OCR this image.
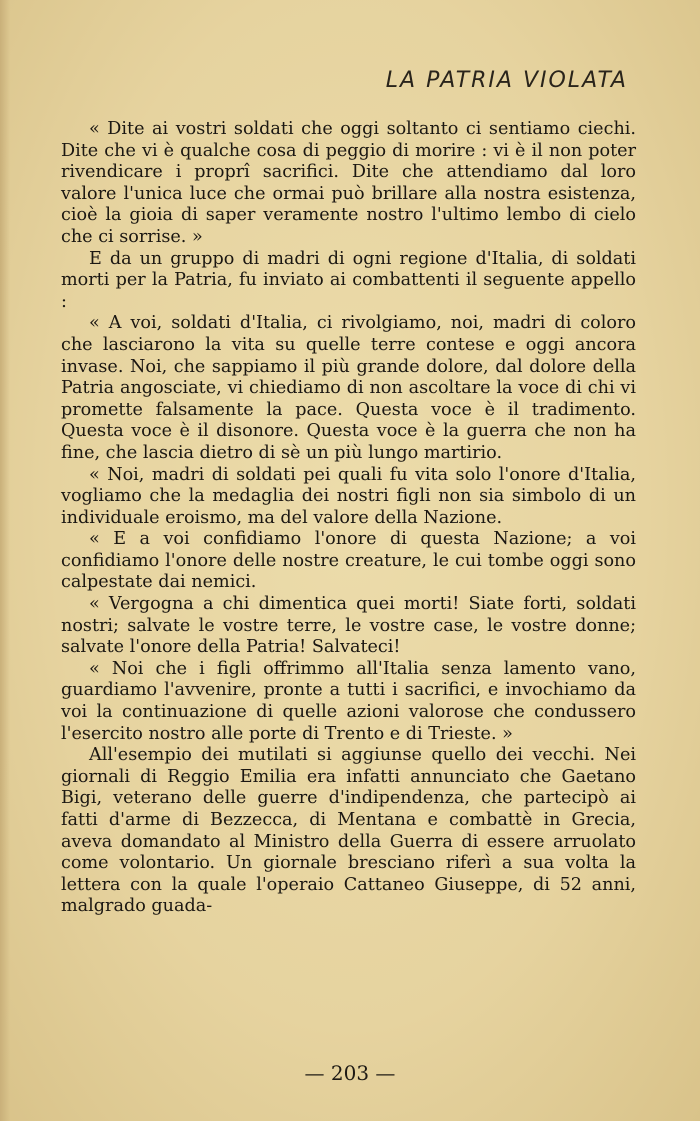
LA PATRIA VIOLATA

« Dite ai vostri soldati che oggi soltanto ci sentiamo ciechi. Dite che vi è qualche cosa di peggio di morire : vi è il non poter rivendicare i proprî sacrifici. Dite che attendiamo dal loro valore l'unica luce che ormai può brillare alla nostra esistenza, cioè la gioia di saper veramente nostro l'ultimo lembo di cielo che ci sorrise. »

E da un gruppo di madri di ogni regione d'Italia, di soldati morti per la Patria, fu inviato ai combattenti il seguente appello :

« A voi, soldati d'Italia, ci rivolgiamo, noi, madri di coloro che lasciarono la vita su quelle terre contese e oggi ancora invase. Noi, che sappiamo il più grande dolore, dal dolore della Patria angosciate, vi chiediamo di non ascoltare la voce di chi vi promette falsamente la pace. Questa voce è il tradimento. Questa voce è il disonore. Questa voce è la guerra che non ha fine, che lascia dietro di sè un più lungo martirio.

« Noi, madri di soldati pei quali fu vita solo l'onore d'Italia, vogliamo che la medaglia dei nostri figli non sia simbolo di un individuale eroismo, ma del valore della Nazione.

« E a voi confidiamo l'onore di questa Nazione; a voi confidiamo l'onore delle nostre creature, le cui tombe oggi sono calpestate dai nemici.

« Vergogna a chi dimentica quei morti! Siate forti, soldati nostri; salvate le vostre terre, le vostre case, le vostre donne; salvate l'onore della Patria! Salvateci!

« Noi che i figli offrimmo all'Italia senza lamento vano, guardiamo l'avvenire, pronte a tutti i sacrifici, e invochiamo da voi la continuazione di quelle azioni valorose che condussero l'esercito nostro alle porte di Trento e di Trieste. »

All'esempio dei mutilati si aggiunse quello dei vecchi. Nei giornali di Reggio Emilia era infatti annunciato che Gaetano Bigi, veterano delle guerre d'indipendenza, che partecipò ai fatti d'arme di Bezzecca, di Mentana e combattè in Grecia, aveva domandato al Ministro della Guerra di essere arruolato come volontario. Un giornale bresciano riferì a sua volta la lettera con la quale l'operaio Cattaneo Giuseppe, di 52 anni, malgrado guada-

— 203 —
